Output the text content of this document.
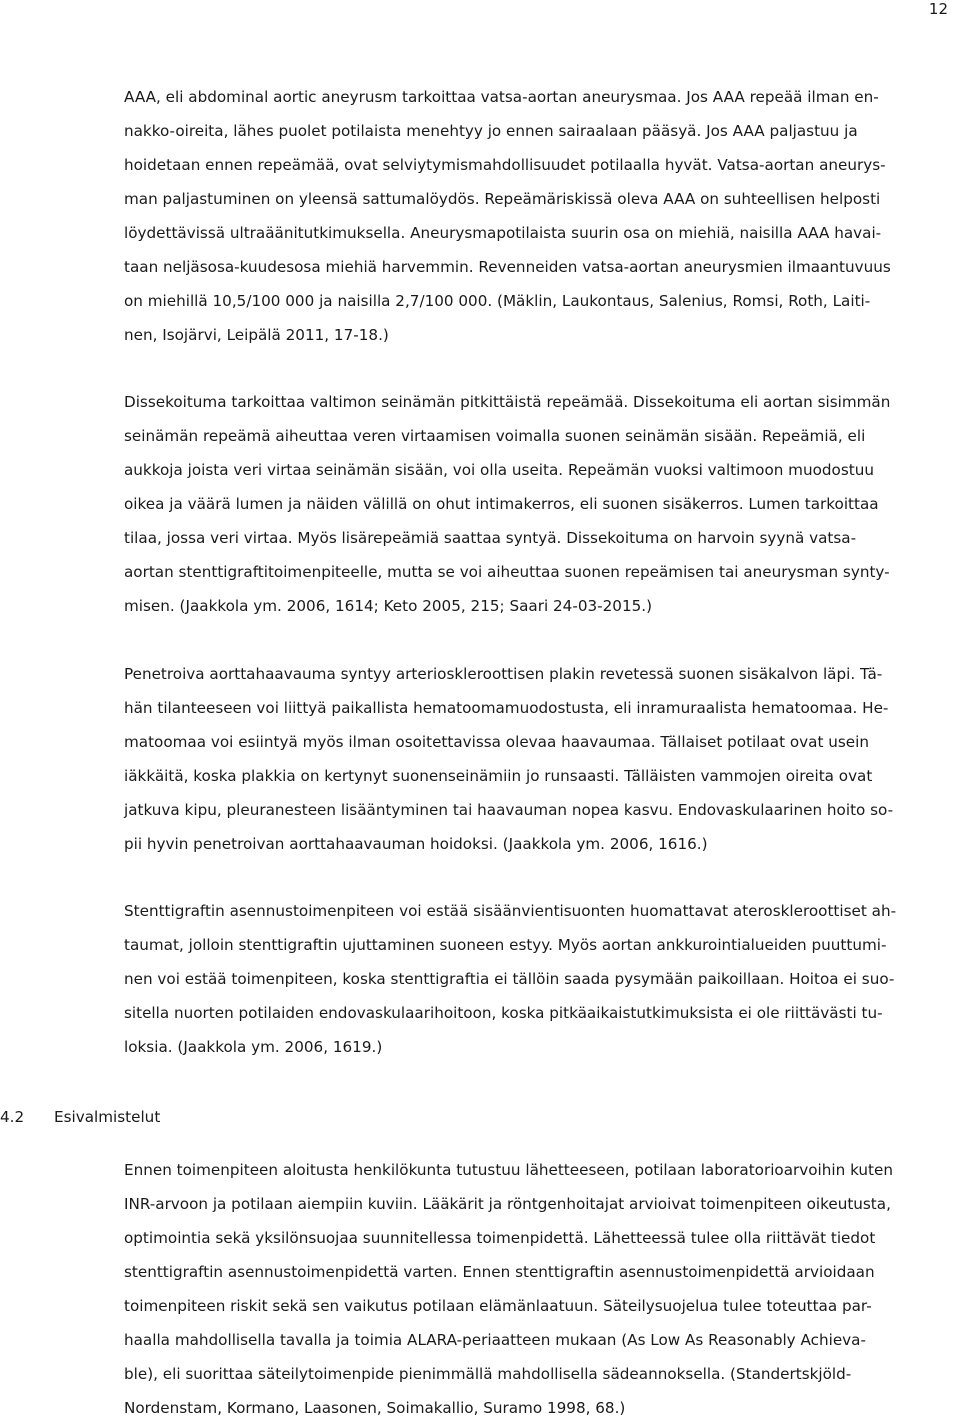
12
AAA, eli abdominal aortic aneyrusm tarkoittaa vatsa-aortan aneurysmaa. Jos AAA repeää ilman en-
nakko-oireita, lähes puolet potilaista menehtyy jo ennen sairaalaan pääsyä. Jos AAA paljastuu ja
hoidetaan ennen repeämää, ovat selviytymismahdollisuudet potilaalla hyvät. Vatsa-aortan aneurys-
man paljastuminen on yleensä sattumalöydös. Repeämäriskissä oleva AAA on suhteellisen helposti
löydettävissä ultraäänitutkimuksella. Aneurysmapotilaista suurin osa on miehiä, naisilla AAA havai-
taan neljäsosa-kuudesosa miehiä harvemmin. Revenneiden vatsa-aortan aneurysmien ilmaantuvuus
on miehillä 10,5/100 000 ja naisilla 2,7/100 000. (Mäklin, Laukontaus, Salenius, Romsi, Roth, Laiti-
nen, Isojärvi, Leipälä 2011, 17-18.)
Dissekoituma tarkoittaa valtimon seinämän pitkittäistä repeämää. Dissekoituma eli aortan sisimmän
seinämän repeämä aiheuttaa veren virtaamisen voimalla suonen seinämän sisään. Repeämiä, eli
aukkoja joista veri virtaa seinämän sisään, voi olla useita. Repeämän vuoksi valtimoon muodostuu
oikea ja väärä lumen ja näiden välillä on ohut intimakerros, eli suonen sisäkerros. Lumen tarkoittaa
tilaa, jossa veri virtaa. Myös lisärepeämiä saattaa syntyä. Dissekoituma on harvoin syynä vatsa-
aortan stenttigraftitoimenpiteelle, mutta se voi aiheuttaa suonen repeämisen tai aneurysman synty-
misen. (Jaakkola ym. 2006, 1614; Keto 2005, 215; Saari 24-03-2015.)
Penetroiva aorttahaavauma syntyy arterioskleroottisen plakin revetessä suonen sisäkalvon läpi. Tä-
hän tilanteeseen voi liittyä paikallista hematoomamuodostusta, eli inramuraalista hematoomaa. He-
matoomaa voi esiintyä myös ilman osoitettavissa olevaa haavaumaa. Tällaiset potilaat ovat usein
iäkkäitä, koska plakkia on kertynyt suonenseinämiin jo runsaasti. Tälläisten vammojen oireita ovat
jatkuva kipu, pleuranesteen lisääntyminen tai haavauman nopea kasvu. Endovaskulaarinen hoito so-
pii hyvin penetroivan aorttahaavauman hoidoksi. (Jaakkola ym. 2006, 1616.)
Stenttigraftin asennustoimenpiteen voi estää sisäänvientisuonten huomattavat ateroskleroottiset ah-
taumat, jolloin stenttigraftin ujuttaminen suoneen estyy. Myös aortan ankkurointialueiden puuttumi-
nen voi estää toimenpiteen, koska stenttigraftia ei tällöin saada pysymään paikoillaan. Hoitoa ei suo-
sitella nuorten potilaiden endovaskulaarihoitoon, koska pitkäaikaistutkimuksista ei ole riittävästi tu-
loksia. (Jaakkola ym. 2006, 1619.)
4.2 Esivalmistelut
Ennen toimenpiteen aloitusta henkilökunta tutustuu lähetteeseen, potilaan laboratorioarvoihin kuten
INR-arvoon ja potilaan aiempiin kuviin. Lääkärit ja röntgenhoitajat arvioivat toimenpiteen oikeutusta,
optimointia sekä yksilönsuojaa suunnitellessa toimenpidettä. Lähetteessä tulee olla riittävät tiedot
stenttigraftin asennustoimenpidettä varten. Ennen stenttigraftin asennustoimenpidettä arvioidaan
toimenpiteen riskit sekä sen vaikutus potilaan elämänlaatuun. Säteilysuojelua tulee toteuttaa par-
haalla mahdollisella tavalla ja toimia ALARA-periaatteen mukaan (As Low As Reasonably Achieva-
ble), eli suorittaa säteilytoimenpide pienimmällä mahdollisella sädeannoksella. (Standertskjöld-
Nordenstam, Kormano, Laasonen, Soimakallio, Suramo 1998, 68.)
